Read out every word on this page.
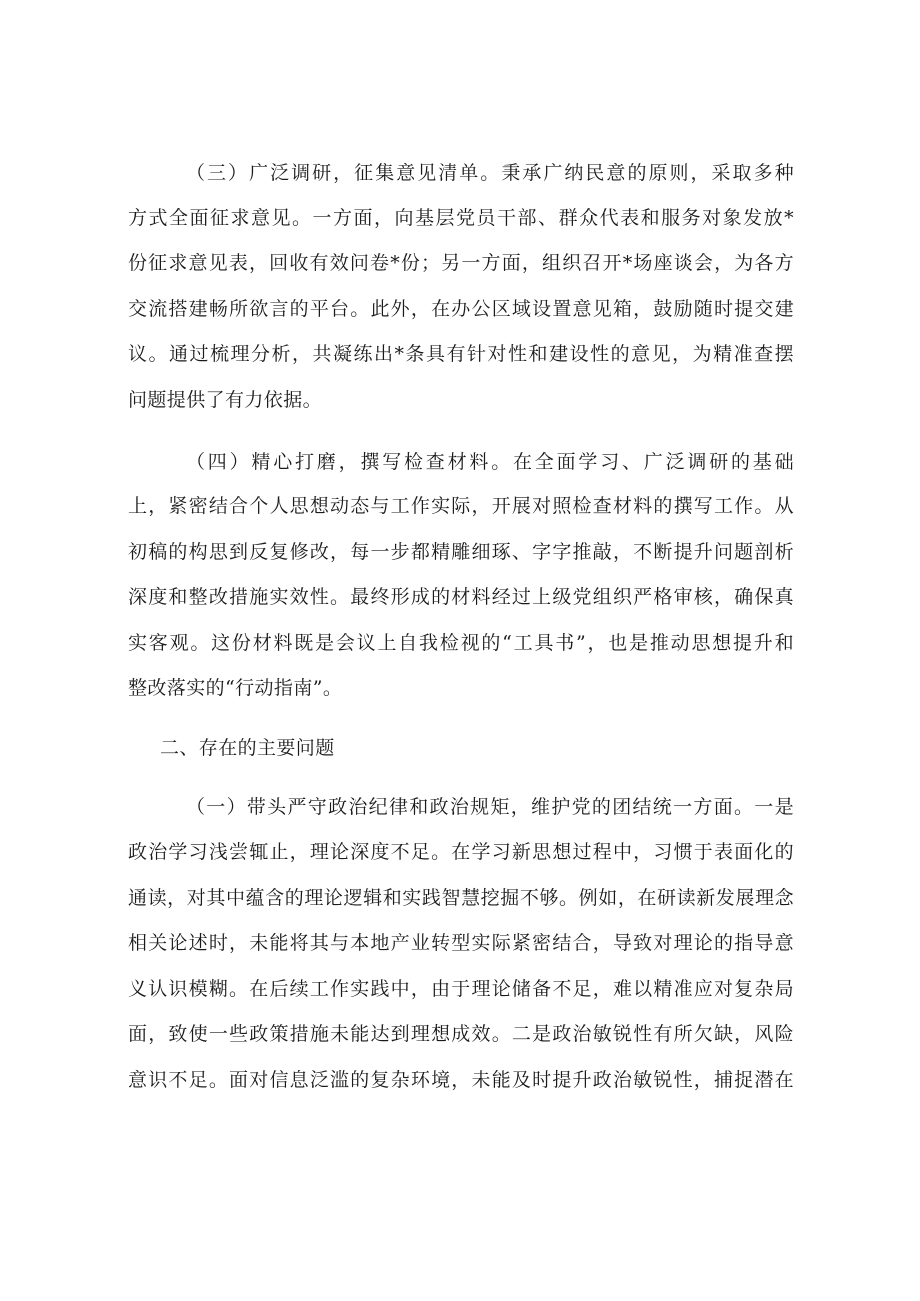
（三）广泛调研，征集意见清单。秉承广纳民意的原则，采取多种
方式全面征求意见。一方面，向基层党员干部、群众代表和服务对象发放*
份征求意见表，回收有效问卷*份；另一方面，组织召开*场座谈会，为各方
交流搭建畅所欲言的平台。此外，在办公区域设置意见箱，鼓励随时提交建
议。通过梳理分析，共凝练出*条具有针对性和建设性的意见，为精准查摆
问题提供了有力依据。
（四）精心打磨，撰写检查材料。在全面学习、广泛调研的基础
上，紧密结合个人思想动态与工作实际，开展对照检查材料的撰写工作。从
初稿的构思到反复修改，每一步都精雕细琢、字字推敲，不断提升问题剖析
深度和整改措施实效性。最终形成的材料经过上级党组织严格审核，确保真
实客观。这份材料既是会议上自我检视的“工具书”，也是推动思想提升和
整改落实的“行动指南”。
二、存在的主要问题
（一）带头严守政治纪律和政治规矩，维护党的团结统一方面。一是
政治学习浅尝辄止，理论深度不足。在学习新思想过程中，习惯于表面化的
通读，对其中蕴含的理论逻辑和实践智慧挖掘不够。例如，在研读新发展理念
相关论述时，未能将其与本地产业转型实际紧密结合，导致对理论的指导意
义认识模糊。在后续工作实践中，由于理论储备不足，难以精准应对复杂局
面，致使一些政策措施未能达到理想成效。二是政治敏锐性有所欠缺，风险
意识不足。面对信息泛滥的复杂环境，未能及时提升政治敏锐性，捕捉潜在
